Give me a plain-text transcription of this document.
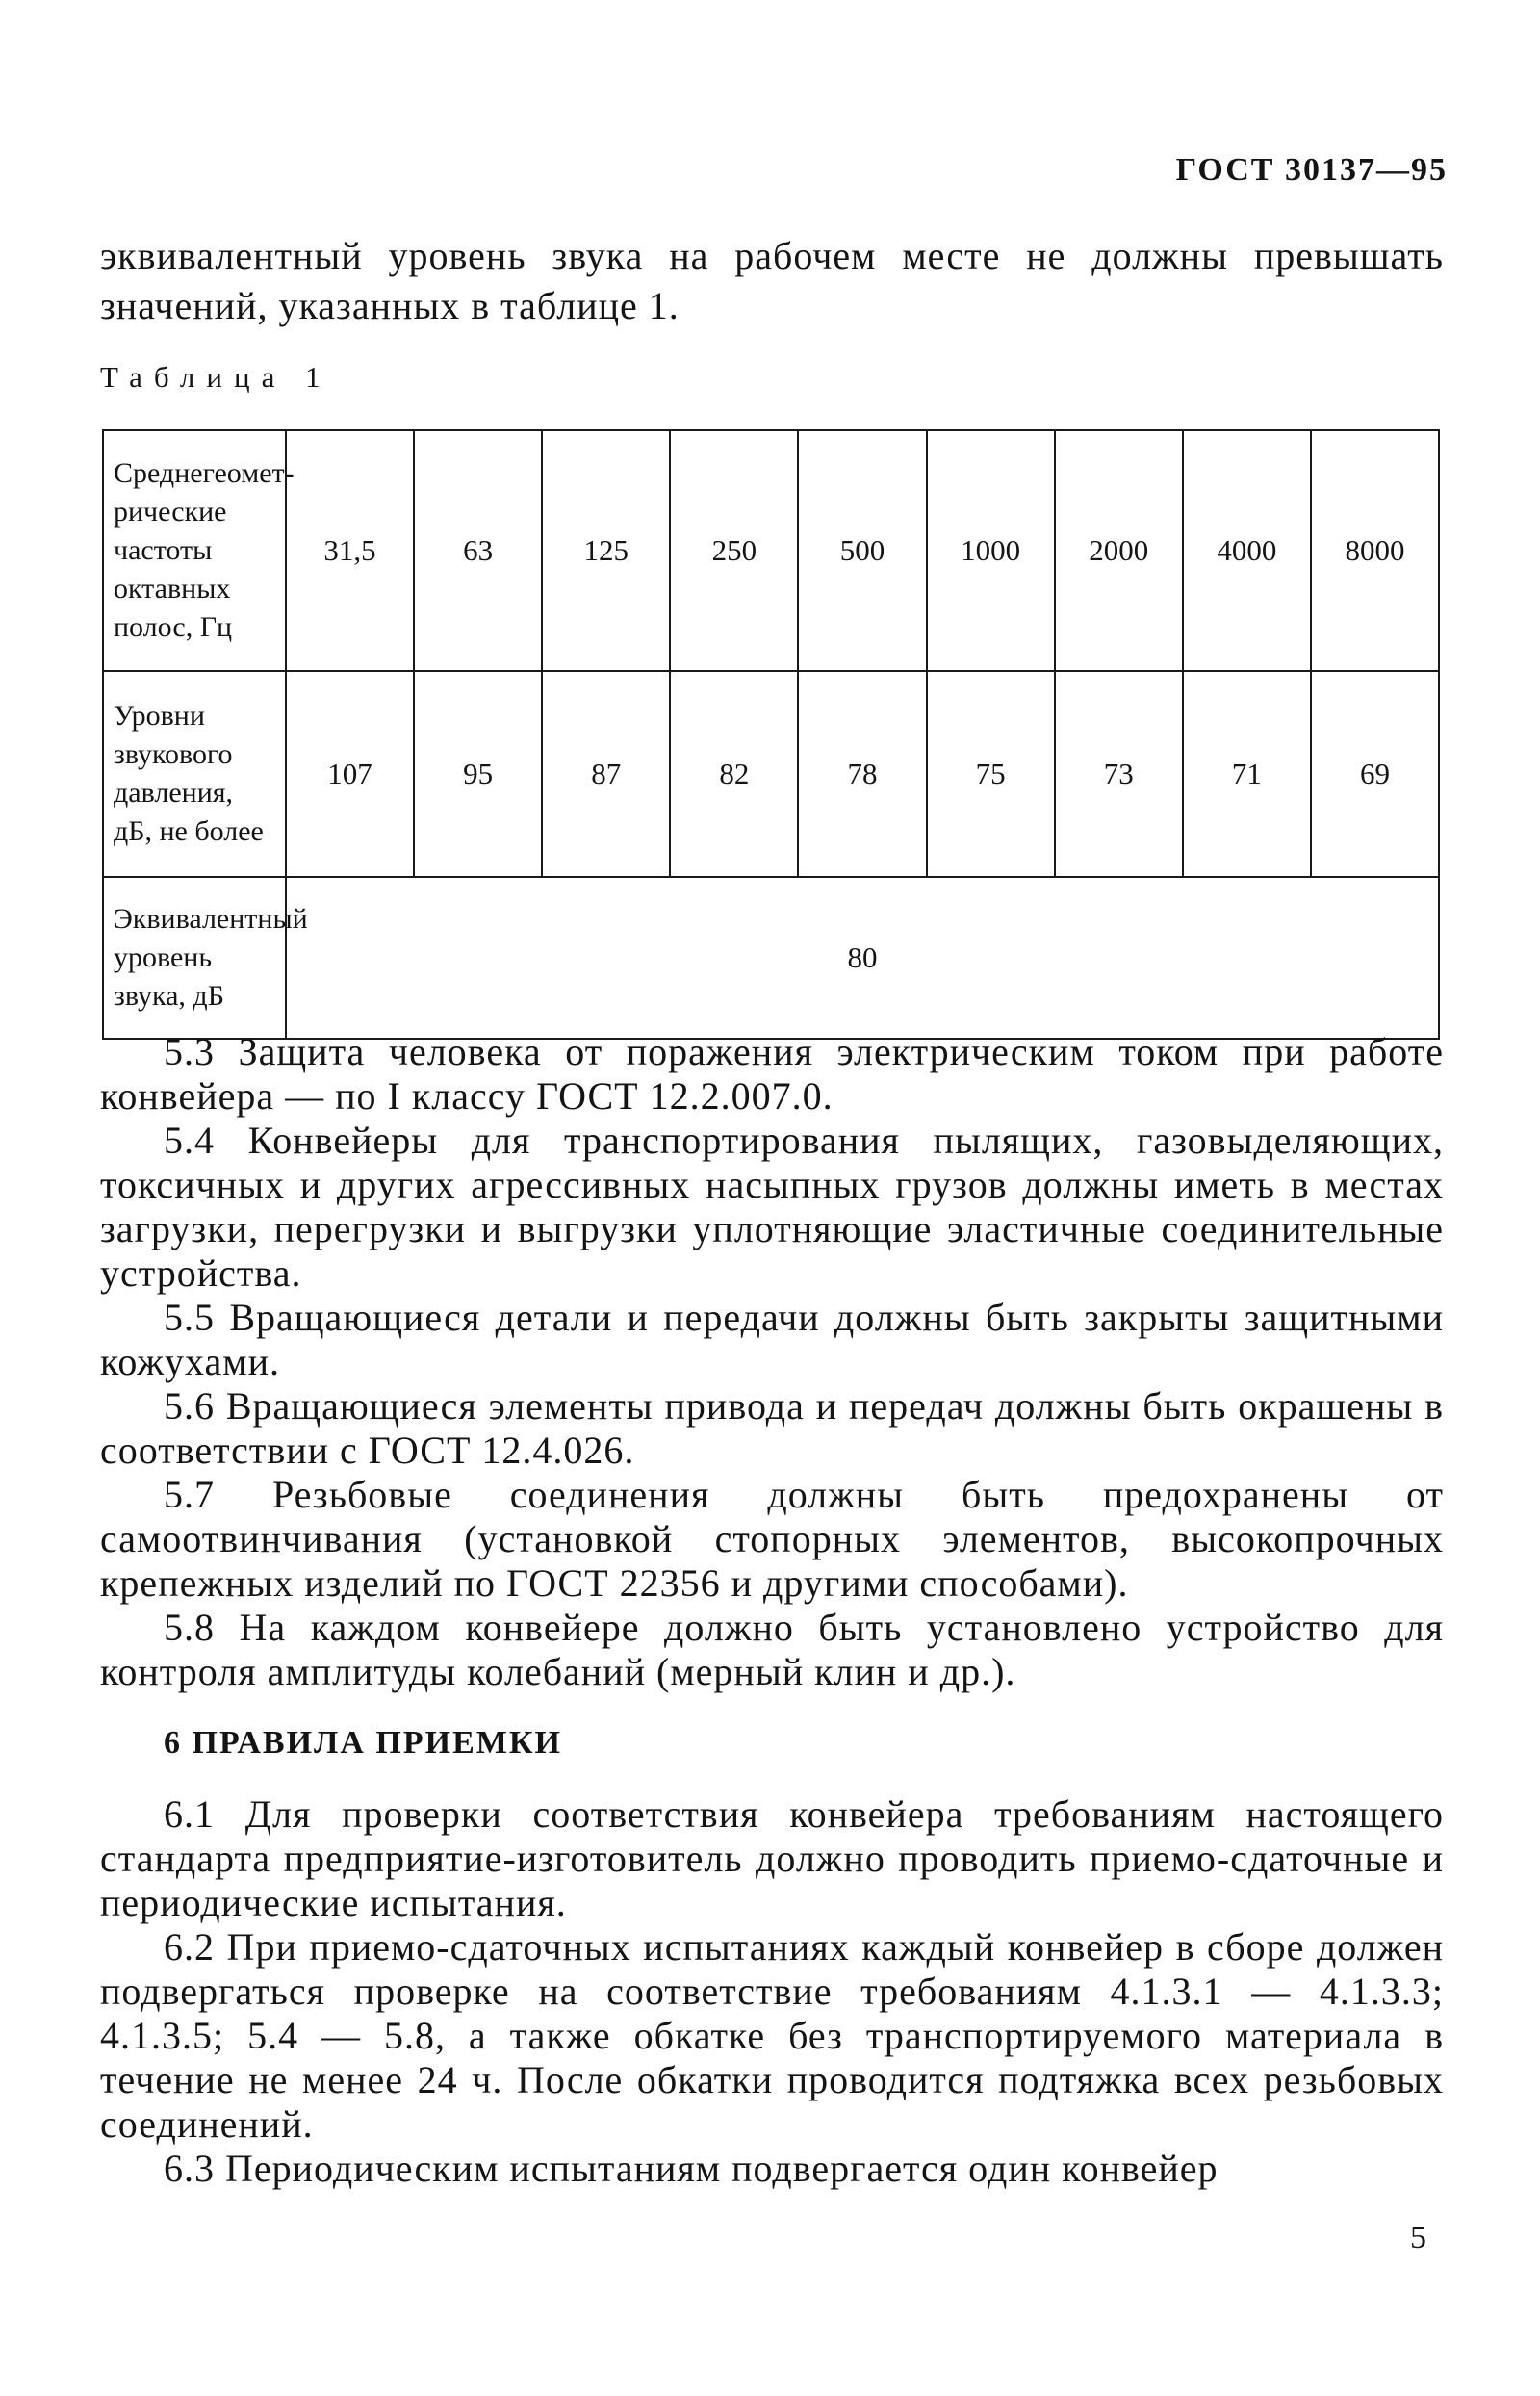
ГОСТ 30137—95
эквивалентный уровень звука на рабочем месте не должны превышать значений, указанных в таблице 1.
Таблица 1
Среднегеомет-рические частоты октавных полос, Гц	31,5	63	125	250	500	1000	2000	4000	8000
Уровни звукового давления, дБ, не более	107	95	87	82	78	75	73	71	69
Эквивалентный уровень звука, дБ	80								

5.3 Защита человека от поражения электрическим током при работе конвейера — по I классу ГОСТ 12.2.007.0.

5.4 Конвейеры для транспортирования пылящих, газовыделяющих, токсичных и других агрессивных насыпных грузов должны иметь в местах загрузки, перегрузки и выгрузки уплотняющие эластичные соединительные устройства.

5.5 Вращающиеся детали и передачи должны быть закрыты защитными кожухами.

5.6 Вращающиеся элементы привода и передач должны быть окрашены в соответствии с ГОСТ 12.4.026.

5.7 Резьбовые соединения должны быть предохранены от самоотвинчивания (установкой стопорных элементов, высокопрочных крепежных изделий по ГОСТ 22356 и другими способами).

5.8 На каждом конвейере должно быть установлено устройство для контроля амплитуды колебаний (мерный клин и др.).

6 ПРАВИЛА ПРИЕМКИ

6.1 Для проверки соответствия конвейера требованиям настоящего стандарта предприятие-изготовитель должно проводить приемо-сдаточные и периодические испытания.

6.2 При приемо-сдаточных испытаниях каждый конвейер в сборе должен подвергаться проверке на соответствие требованиям 4.1.3.1 — 4.1.3.3; 4.1.3.5; 5.4 — 5.8, а также обкатке без транспортируемого материала в течение не менее 24 ч. После обкатки проводится подтяжка всех резьбовых соединений.

6.3 Периодическим испытаниям подвергается один конвейер

5
